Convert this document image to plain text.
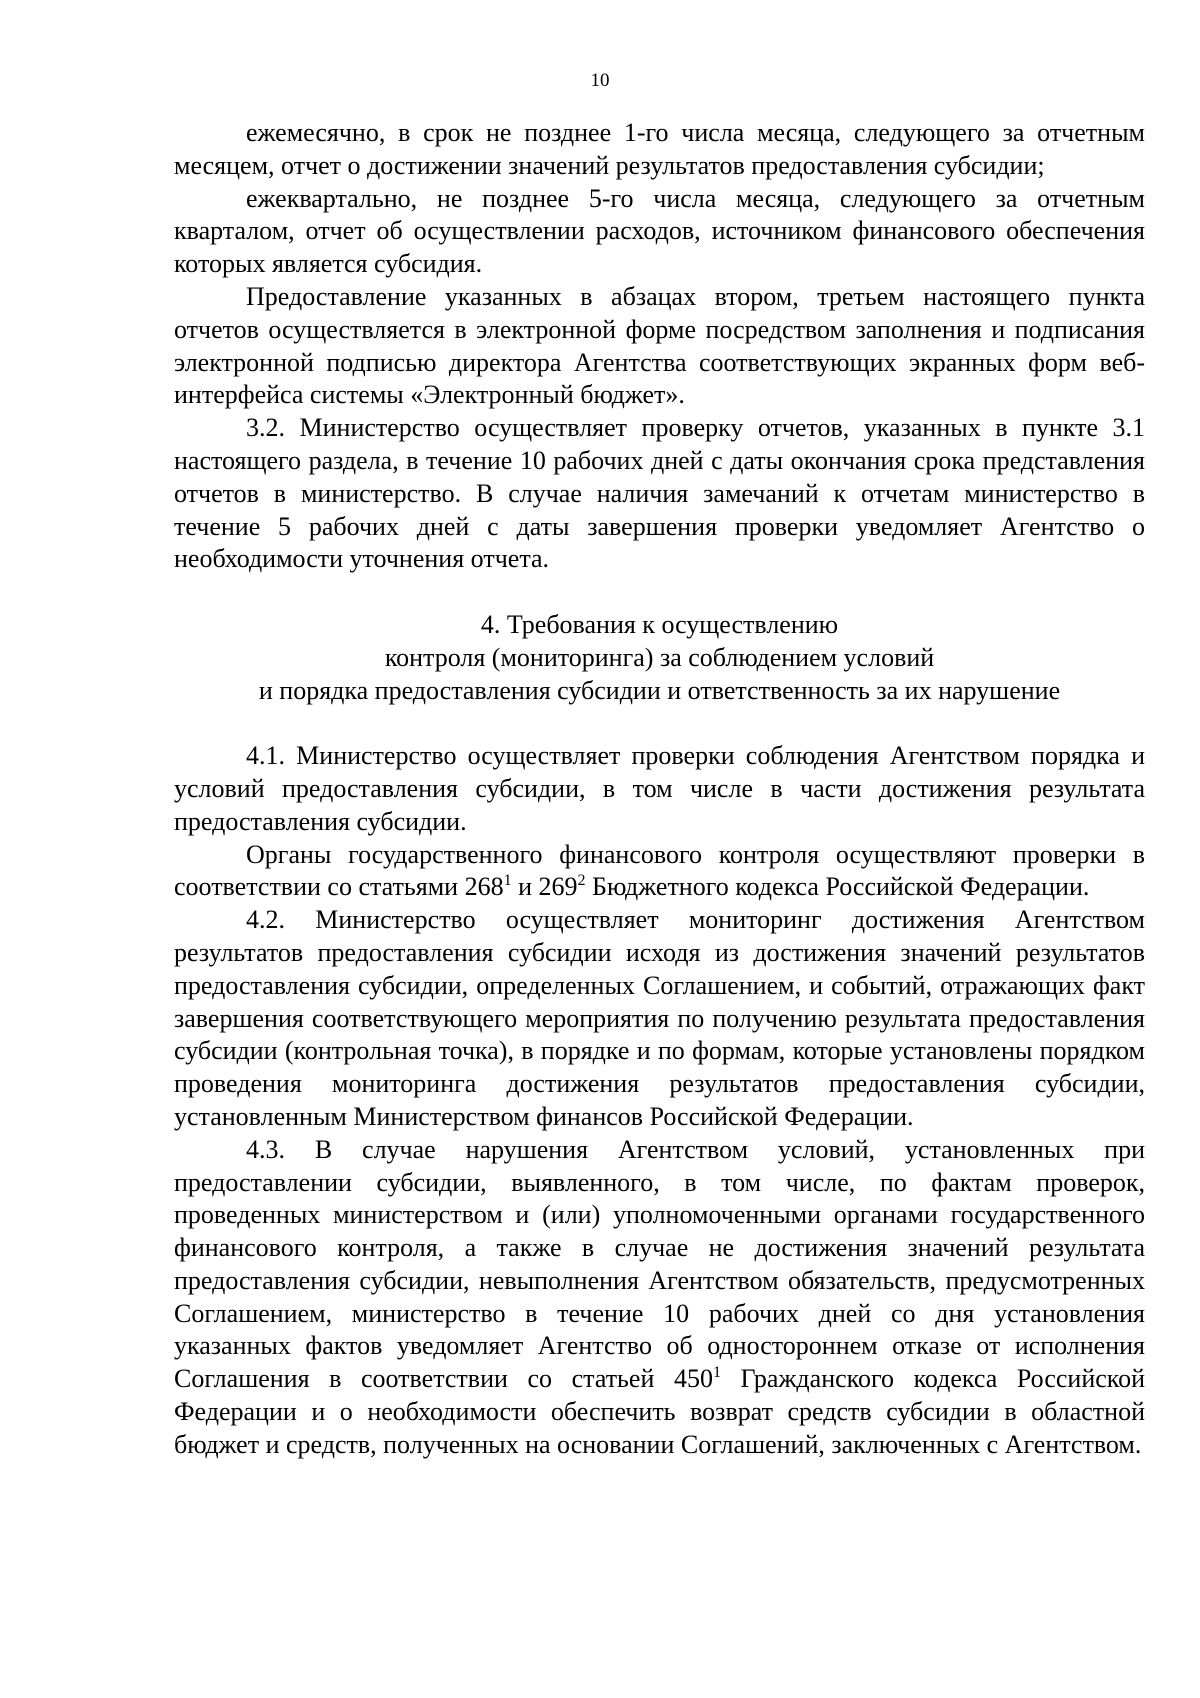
10

ежемесячно, в срок не позднее 1-го числа месяца, следующего за отчетным месяцем, отчет о достижении значений результатов предоставления субсидии;

ежеквартально, не позднее 5-го числа месяца, следующего за отчетным кварталом, отчет об осуществлении расходов, источником финансового обеспечения которых является субсидия.

Предоставление указанных в абзацах втором, третьем настоящего пункта отчетов осуществляется в электронной форме посредством заполнения и подписания электронной подписью директора Агентства соответствующих экранных форм веб-интерфейса системы «Электронный бюджет».

3.2. Министерство осуществляет проверку отчетов, указанных в пункте 3.1 настоящего раздела, в течение 10 рабочих дней с даты окончания срока представления отчетов в министерство. В случае наличия замечаний к отчетам министерство в течение 5 рабочих дней с даты завершения проверки уведомляет Агентство о необходимости уточнения отчета.

4. Требования к осуществлению
контроля (мониторинга) за соблюдением условий
и порядка предоставления субсидии и ответственность за их нарушение

4.1. Министерство осуществляет проверки соблюдения Агентством порядка и условий предоставления субсидии, в том числе в части достижения результата предоставления субсидии.

Органы государственного финансового контроля осуществляют проверки в соответствии со статьями $268^1$ и $269^2$ Бюджетного кодекса Российской Федерации.

4.2. Министерство осуществляет мониторинг достижения Агентством результатов предоставления субсидии исходя из достижения значений результатов предоставления субсидии, определенных Соглашением, и событий, отражающих факт завершения соответствующего мероприятия по получению результата предоставления субсидии (контрольная точка), в порядке и по формам, которые установлены порядком проведения мониторинга достижения результатов предоставления субсидии, установленным Министерством финансов Российской Федерации.

4.3. В случае нарушения Агентством условий, установленных при предоставлении субсидии, выявленного, в том числе, по фактам проверок, проведенных министерством и (или) уполномоченными органами государственного финансового контроля, а также в случае не достижения значений результата предоставления субсидии, невыполнения Агентством обязательств, предусмотренных Соглашением, министерство в течение 10 рабочих дней со дня установления указанных фактов уведомляет Агентство об одностороннем отказе от исполнения Соглашения в соответствии со статьей $450^1$ Гражданского кодекса Российской Федерации и о необходимости обеспечить возврат средств субсидии в областной бюджет и средств, полученных на основании Соглашений, заключенных с Агентством.
